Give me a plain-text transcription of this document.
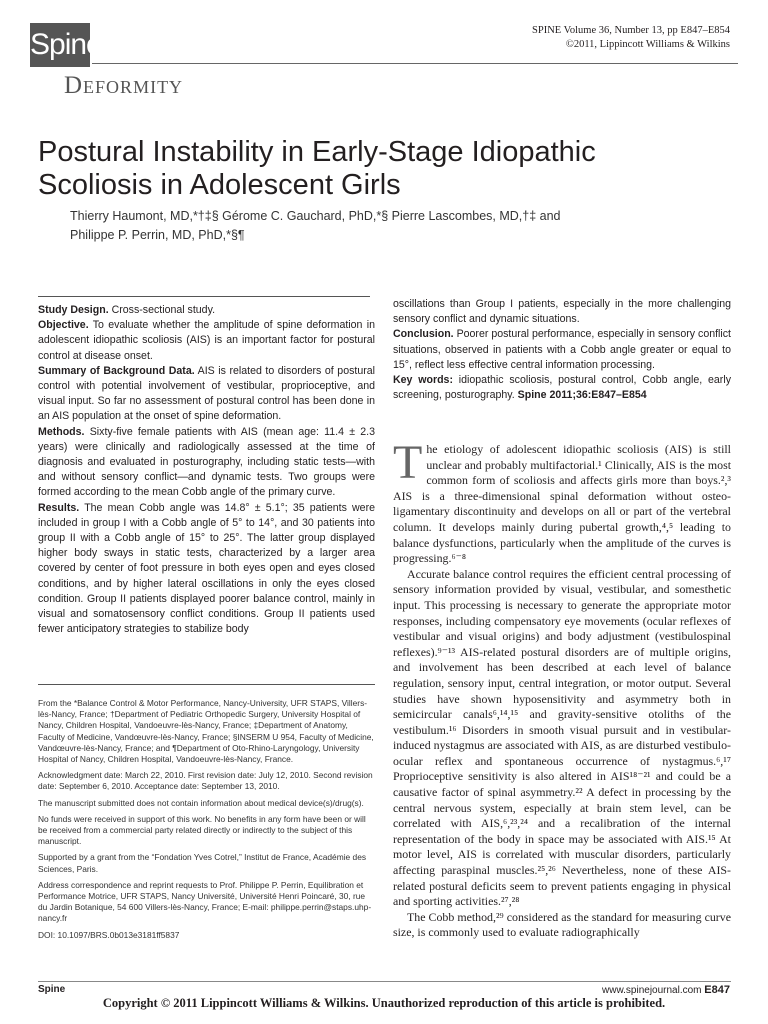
Spine	SPINE Volume 36, Number 13, pp E847–E854
©2011, Lippincott Williams & Wilkins
Deformity
Postural Instability in Early-Stage Idiopathic
Scoliosis in Adolescent Girls
Thierry Haumont, MD,*†‡§ Gérome C. Gauchard, PhD,*§ Pierre Lascombes, MD,†‡ and
Philippe P. Perrin, MD, PhD,*§¶

Study Design. Cross-sectional study.

Objective. To evaluate whether the amplitude of spine deformation in adolescent idiopathic scoliosis (AIS) is an important factor for postural control at disease onset.

Summary of Background Data. AIS is related to disorders of postural control with potential involvement of vestibular, proprioceptive, and visual input. So far no assessment of postural control has been done in an AIS population at the onset of spine deformation.

Methods. Sixty-five female patients with AIS (mean age: 11.4 ± 2.3 years) were clinically and radiologically assessed at the time of diagnosis and evaluated in posturography, including static tests—with and without sensory conflict—and dynamic tests. Two groups were formed according to the mean Cobb angle of the primary curve.

Results. The mean Cobb angle was 14.8° ± 5.1°; 35 patients were included in group I with a Cobb angle of 5° to 14°, and 30 patients into group II with a Cobb angle of 15° to 25°. The latter group displayed higher body sways in static tests, characterized by a larger area covered by center of foot pressure in both eyes open and eyes closed conditions, and by higher lateral oscillations in only the eyes closed condition. Group II patients displayed poorer balance control, mainly in visual and somatosensory conflict conditions. Group II patients used fewer anticipatory strategies to stabilize body

oscillations than Group I patients, especially in the more challenging sensory conflict and dynamic situations.

Conclusion. Poorer postural performance, especially in sensory conflict situations, observed in patients with a Cobb angle greater or equal to 15°, reflect less effective central information processing.

Key words: idiopathic scoliosis, postural control, Cobb angle, early screening, posturography. Spine 2011;36:E847–E854

From the *Balance Control & Motor Performance, Nancy-University, UFR STAPS, Villers-lès-Nancy, France; †Department of Pediatric Orthopedic Surgery, University Hospital of Nancy, Children Hospital, Vandoeuvre-lès-Nancy, France; ‡Department of Anatomy, Faculty of Medicine, Vandœuvre-lès-Nancy, France; §INSERM U 954, Faculty of Medicine, Vandœuvre-lès-Nancy, France; and ¶Department of Oto-Rhino-Laryngology, University Hospital of Nancy, Children Hospital, Vandoeuvre-lès-Nancy, France.

Acknowledgment date: March 22, 2010. First revision date: July 12, 2010. Second revision date: September 6, 2010. Acceptance date: September 13, 2010.

The manuscript submitted does not contain information about medical device(s)/drug(s).

No funds were received in support of this work. No benefits in any form have been or will be received from a commercial party related directly or indirectly to the subject of this manuscript.

Supported by a grant from the “Fondation Yves Cotrel,” Institut de France, Académie des Sciences, Paris.

Address correspondence and reprint requests to Prof. Philippe P. Perrin, Equilibration et Performance Motrice, UFR STAPS, Nancy Université, Université Henri Poincaré, 30, rue du Jardin Botanique, 54 600 Villers-lès-Nancy, France; E-mail: philippe.perrin@staps.uhp-nancy.fr

DOI: 10.1097/BRS.0b013e3181ff5837

The etiology of adolescent idiopathic scoliosis (AIS) is still unclear and probably multifactorial.¹ Clinically, AIS is the most common form of scoliosis and affects girls more than boys.²,³ AIS is a three-dimensional spinal deformation without osteo-ligamentary discontinuity and develops on all or part of the vertebral column. It develops mainly during pubertal growth,⁴,⁵ leading to balance dysfunctions, particularly when the amplitude of the curves is progressing.⁶⁻⁸

Accurate balance control requires the efficient central processing of sensory information provided by visual, vestibular, and somesthetic input. This processing is necessary to generate the appropriate motor responses, including compensatory eye movements (ocular reflexes of vestibular and visual origins) and body adjustment (vestibulospinal reflexes).⁹⁻¹³ AIS-related postural disorders are of multiple origins, and involvement has been described at each level of balance regulation, sensory input, central integration, or motor output. Several studies have shown hyposensitivity and asymmetry both in semicircular canals⁶,¹⁴,¹⁵ and gravity-sensitive otoliths of the vestibulum.¹⁶ Disorders in smooth visual pursuit and in vestibular-induced nystagmus are associated with AIS, as are disturbed vestibulo-ocular reflex and spontaneous occurrence of nystagmus.⁶,¹⁷ Proprioceptive sensitivity is also altered in AIS¹⁸⁻²¹ and could be a causative factor of spinal asymmetry.²² A defect in processing by the central nervous system, especially at brain stem level, can be correlated with AIS,⁶,²³,²⁴ and a recalibration of the internal representation of the body in space may be associated with AIS.¹⁵ At motor level, AIS is correlated with muscular disorders, particularly affecting paraspinal muscles.²⁵,²⁶ Nevertheless, none of these AIS-related postural deficits seem to prevent patients engaging in physical and sporting activities.²⁷,²⁸

The Cobb method,²⁹ considered as the standard for measuring curve size, is commonly used to evaluate radiographically

Spine	www.spinejournal.com E847
Copyright © 2011 Lippincott Williams & Wilkins. Unauthorized reproduction of this article is prohibited.
